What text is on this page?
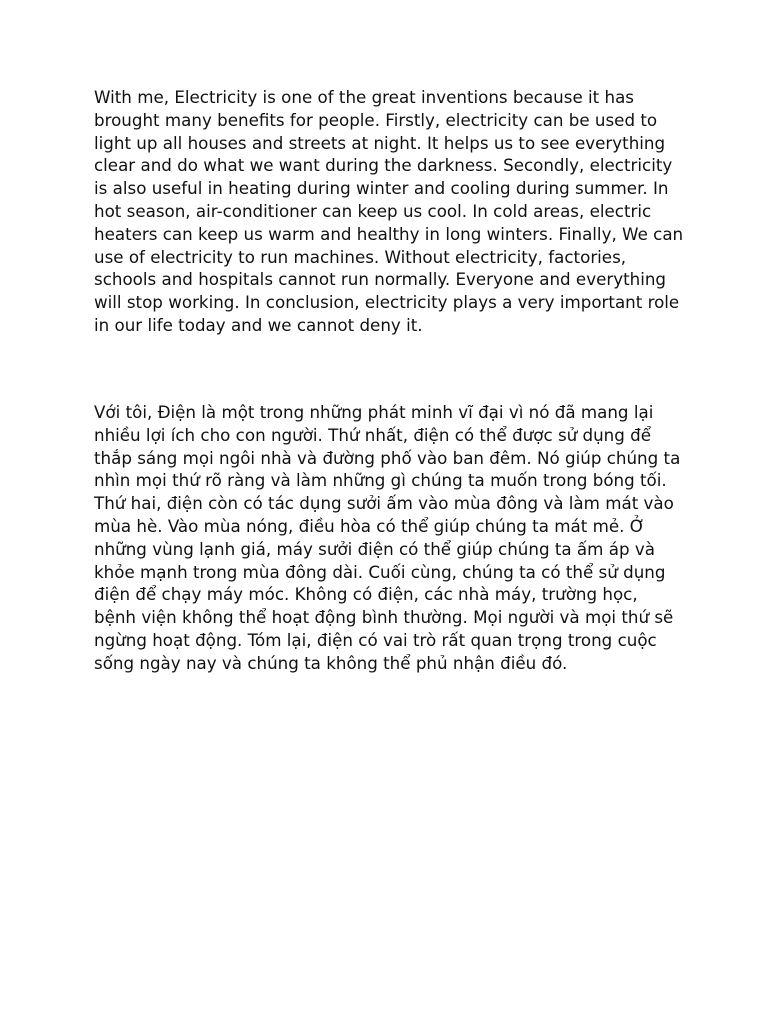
With me, Electricity is one of the great inventions because it has brought many benefits for people. Firstly, electricity can be used to light up all houses and streets at night. It helps us to see everything clear and do what we want during the darkness. Secondly, electricity is also useful in heating during winter and cooling during summer. In hot season, air-conditioner can keep us cool. In cold areas, electric heaters can keep us warm and healthy in long winters. Finally, We can use of electricity to run machines. Without electricity, factories, schools and hospitals cannot run normally. Everyone and everything will stop working. In conclusion, electricity plays a very important role in our life today and we cannot deny it.

Với tôi, Điện là một trong những phát minh vĩ đại vì nó đã mang lại nhiều lợi ích cho con người. Thứ nhất, điện có thể được sử dụng để thắp sáng mọi ngôi nhà và đường phố vào ban đêm. Nó giúp chúng ta nhìn mọi thứ rõ ràng và làm những gì chúng ta muốn trong bóng tối. Thứ hai, điện còn có tác dụng sưởi ấm vào mùa đông và làm mát vào mùa hè. Vào mùa nóng, điều hòa có thể giúp chúng ta mát mẻ. Ở những vùng lạnh giá, máy sưởi điện có thể giúp chúng ta ấm áp và khỏe mạnh trong mùa đông dài. Cuối cùng, chúng ta có thể sử dụng điện để chạy máy móc. Không có điện, các nhà máy, trường học, bệnh viện không thể hoạt động bình thường. Mọi người và mọi thứ sẽ ngừng hoạt động. Tóm lại, điện có vai trò rất quan trọng trong cuộc sống ngày nay và chúng ta không thể phủ nhận điều đó.
